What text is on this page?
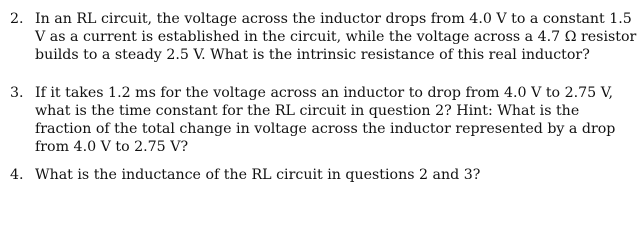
2. In an RL circuit, the voltage across the inductor drops from 4.0 V to a constant 1.5
V as a current is established in the circuit, while the voltage across a 4.7 Ω resistor
builds to a steady 2.5 V. What is the intrinsic resistance of this real inductor?
3. If it takes 1.2 ms for the voltage across an inductor to drop from 4.0 V to 2.75 V,
what is the time constant for the RL circuit in question 2? Hint: What is the
fraction of the total change in voltage across the inductor represented by a drop
from 4.0 V to 2.75 V?
4. What is the inductance of the RL circuit in questions 2 and 3?
